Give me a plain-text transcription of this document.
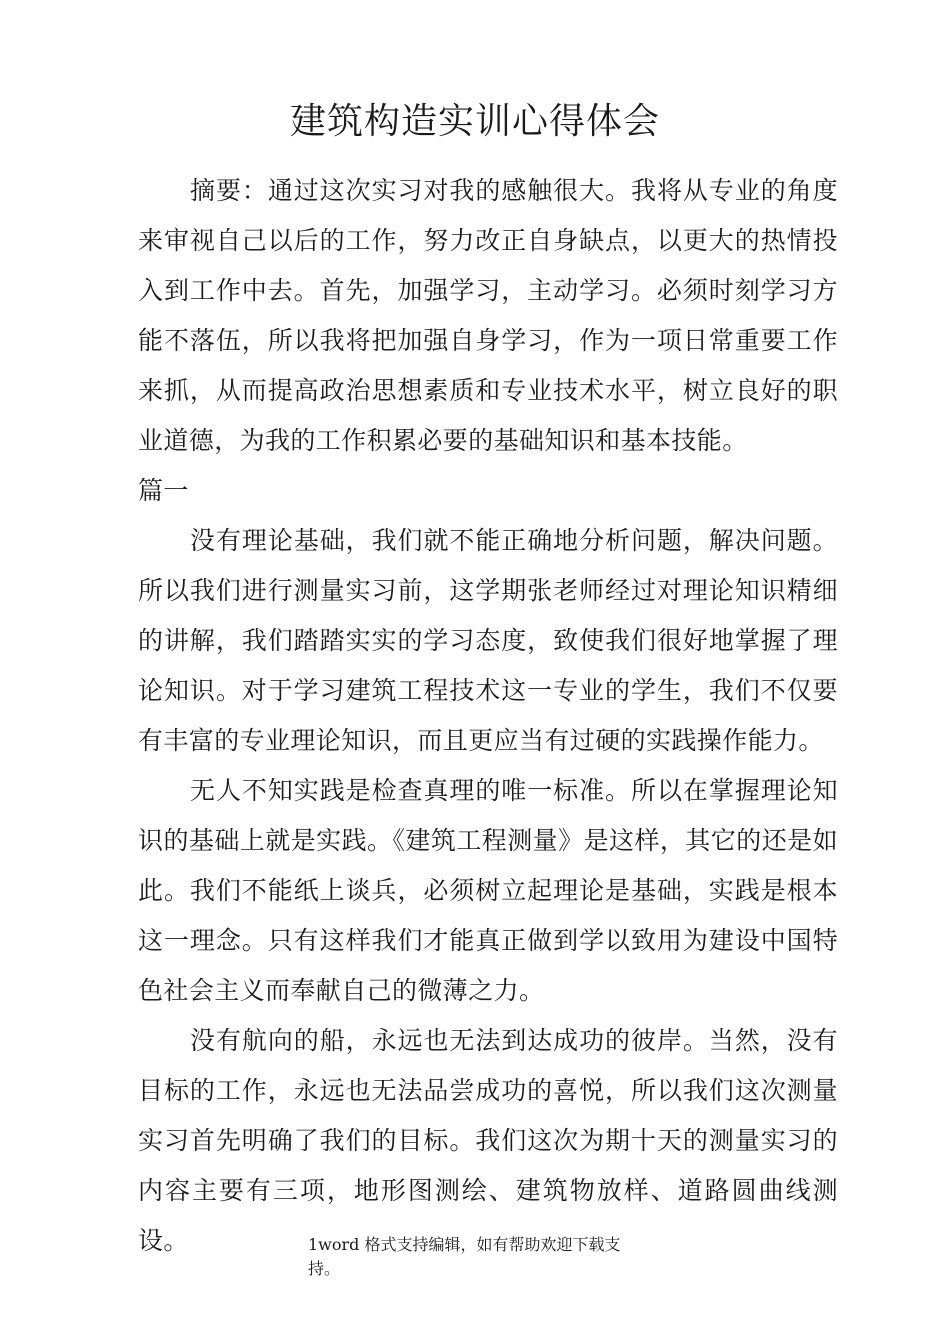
建筑构造实训心得体会

摘要：通过这次实习对我的感触很大。我将从专业的角度来审视自己以后的工作，努力改正自身缺点，以更大的热情投入到工作中去。首先，加强学习，主动学习。必须时刻学习方能不落伍，所以我将把加强自身学习，作为一项日常重要工作来抓，从而提高政治思想素质和专业技术水平，树立良好的职业道德，为我的工作积累必要的基础知识和基本技能。

篇一

没有理论基础，我们就不能正确地分析问题，解决问题。所以我们进行测量实习前，这学期张老师经过对理论知识精细的讲解，我们踏踏实实的学习态度，致使我们很好地掌握了理论知识。对于学习建筑工程技术这一专业的学生，我们不仅要有丰富的专业理论知识，而且更应当有过硬的实践操作能力。

无人不知实践是检查真理的唯一标准。所以在掌握理论知识的基础上就是实践。《建筑工程测量》是这样，其它的还是如此。我们不能纸上谈兵，必须树立起理论是基础，实践是根本这一理念。只有这样我们才能真正做到学以致用为建设中国特色社会主义而奉献自己的微薄之力。

没有航向的船，永远也无法到达成功的彼岸。当然，没有目标的工作，永远也无法品尝成功的喜悦，所以我们这次测量实习首先明确了我们的目标。我们这次为期十天的测量实习的内容主要有三项，地形图测绘、建筑物放样、道路圆曲线测设。	1word 格式支持编辑，如有帮助欢迎下载支持。
